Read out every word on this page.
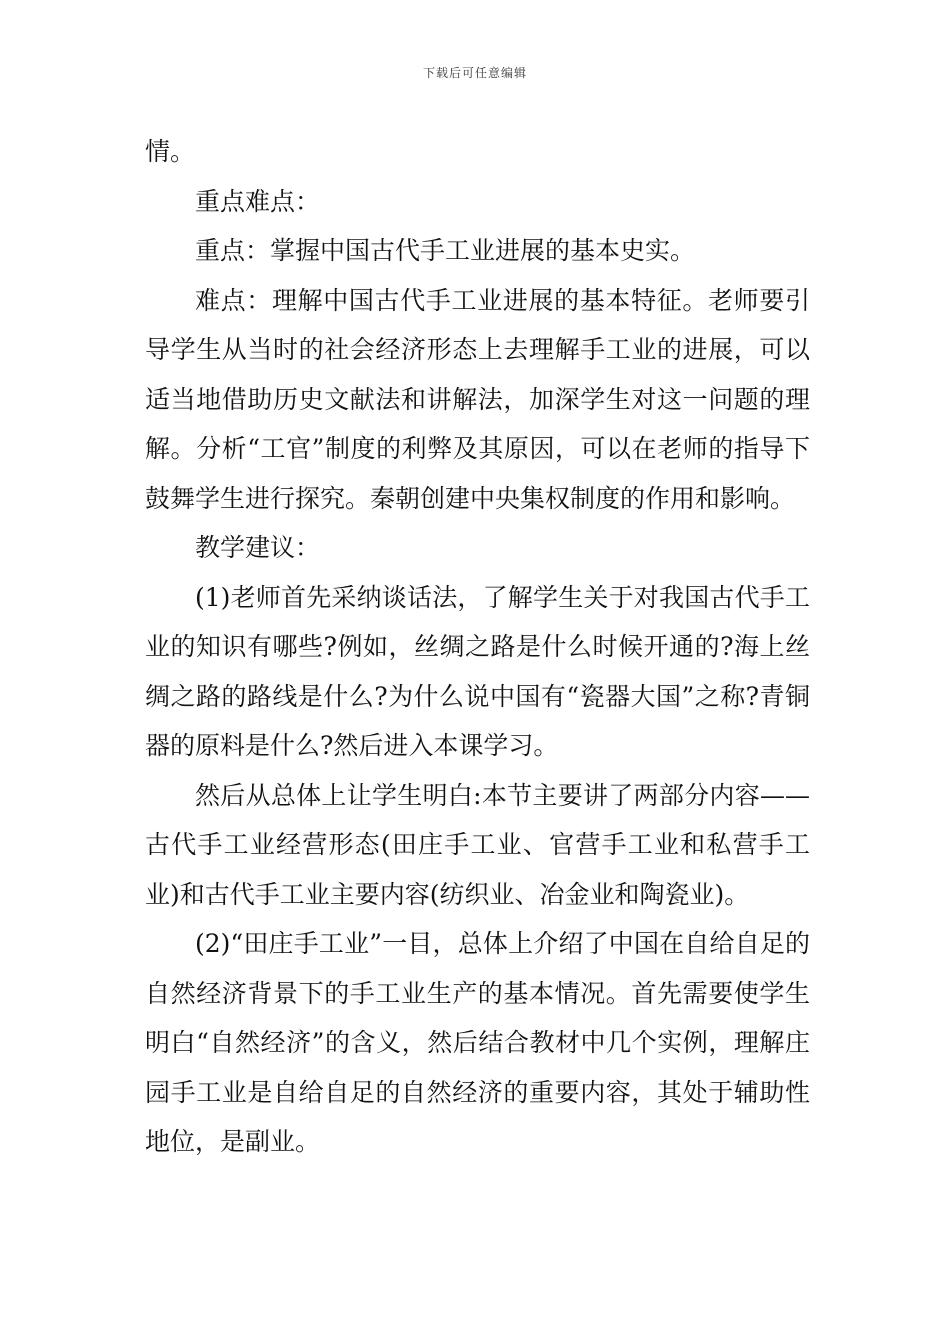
下载后可任意编辑

情。

重点难点：

重点：掌握中国古代手工业进展的基本史实。

难点：理解中国古代手工业进展的基本特征。老师要引导学生从当时的社会经济形态上去理解手工业的进展，可以适当地借助历史文献法和讲解法，加深学生对这一问题的理解。分析“工官”制度的利弊及其原因，可以在老师的指导下鼓舞学生进行探究。秦朝创建中央集权制度的作用和影响。

教学建议：

(1)老师首先采纳谈话法，了解学生关于对我国古代手工业的知识有哪些?例如，丝绸之路是什么时候开通的?海上丝绸之路的路线是什么?为什么说中国有“瓷器大国”之称?青铜器的原料是什么?然后进入本课学习。

然后从总体上让学生明白:本节主要讲了两部分内容——古代手工业经营形态(田庄手工业、官营手工业和私营手工业)和古代手工业主要内容(纺织业、冶金业和陶瓷业)。

(2)“田庄手工业”一目，总体上介绍了中国在自给自足的自然经济背景下的手工业生产的基本情况。首先需要使学生明白“自然经济”的含义，然后结合教材中几个实例，理解庄园手工业是自给自足的自然经济的重要内容，其处于辅助性地位，是副业。
